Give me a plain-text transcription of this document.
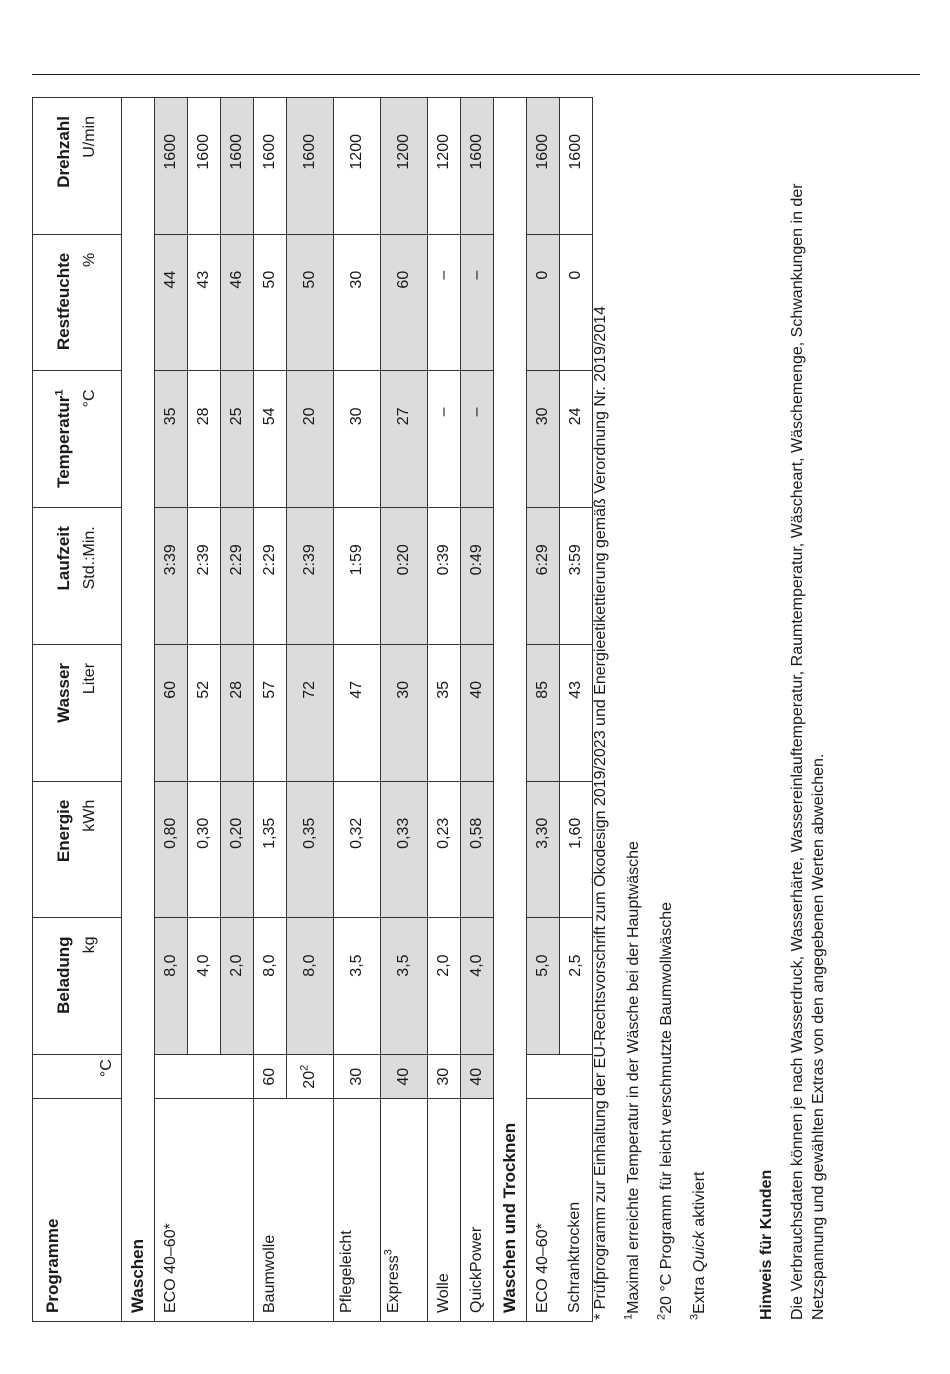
Programme	°C	Beladung kg	Energie kWh	Wasser Liter	Laufzeit Std.:Min.	Temperatur$^1$ °C	Restfeuchte %	Drehzahl U/min

Waschen								
ECO 40–60*		8,0	0,80	60	3:39	35	44	1600
		4,0	0,30	52	2:39	28	43	1600
		2,0	0,20	28	2:29	25	46	1600
Baumwolle	60	8,0	1,35	57	2:29	54	50	1600
	$20^2$	8,0	0,35	72	2:39	20	50	1600
Pflegeleicht	30	3,5	0,32	47	1:59	30	30	1200
Express$^3$	40	3,5	0,33	30	0:20	27	60	1200
Wolle	30	2,0	0,23	35	0:39	–	–	1200
QuickPower	40	4,0	0,58	40	0:49	–	–	1600
Waschen und Trocknen								
ECO 40–60*		5,0	3,30	85	6:29	30	0	1600
Schranktrocken		2,5	1,60	43	3:59	24	0	1600

* Prüfprogramm zur Einhaltung der EU-Rechtsvorschrift zum Ökodesign 2019/2023 und Energieetikettierung gemäß Verordnung Nr. 2019/2014 $^1$Maximal erreichte Temperatur in der Wäsche bei der Hauptwäsche

$^2$20 °C Programm für leicht verschmutzte Baumwollwäsche

$^3$Extra Quick aktiviert	Hinweis für Kunden Die Verbrauchsdaten können je nach Wasserdruck, Wasserhärte, Wassereinlauftemperatur, Raumtemperatur, Wäscheart, Wäschemenge, Schwankungen in der Netzspannung und gewählten Extras von den angegebenen Werten abweichen.
